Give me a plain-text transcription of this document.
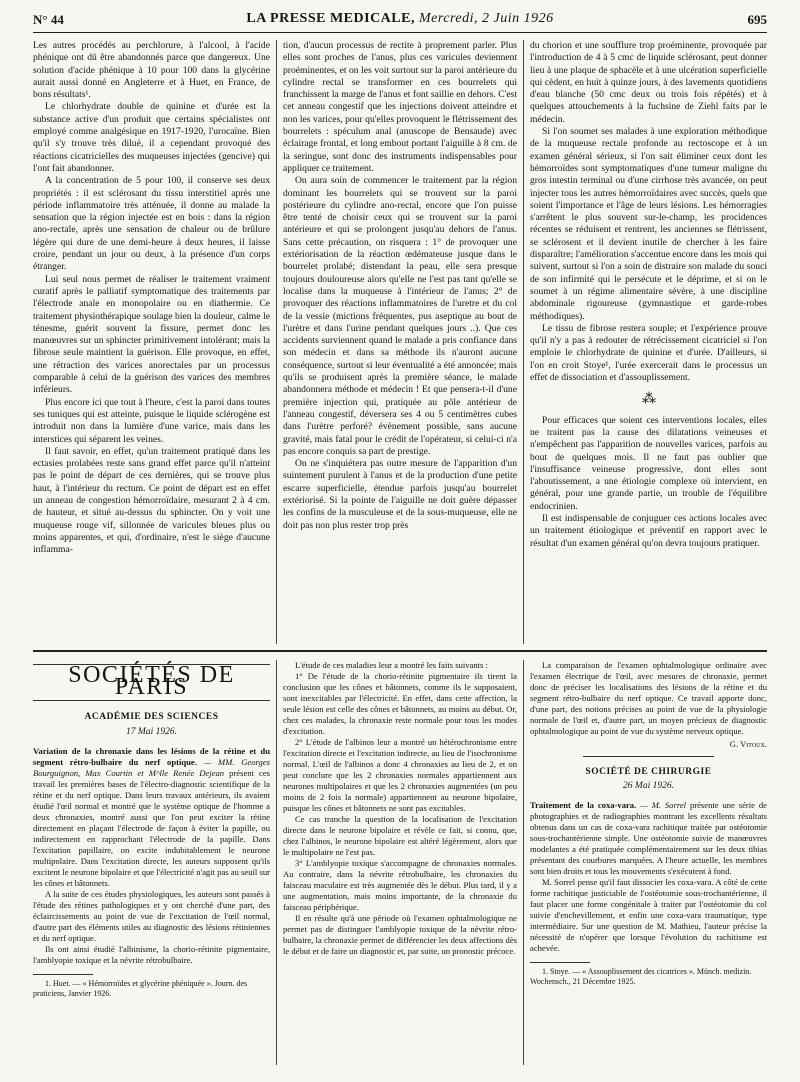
N° 44	LA PRESSE MEDICALE, Mercredi, 2 Juin 1926	695

Les autres procédés au perchlorure, à l'alcool, à l'acide phénique ont dû être abandonnés parce que dangereux. Une solution d'acide phénique à 10 pour 100 dans la glycérine aurait aussi donné en Angleterre et à Huet, en France, de bons résultats¹.

Le chlorhydrate double de quinine et d'urée est la substance active d'un produit que certains spécialistes ont employé comme analgésique en 1917-1920, l'urocaïne. Bien qu'il s'y trouve très dilué, il a cependant provoqué des réactions cicatricielles des muqueuses injectées (gencive) qui l'ont fait abandonner.

A la concentration de 5 pour 100, il conserve ses deux propriétés : il est sclérosant du tissu interstitiel après une période inflammatoire très atténuée, il donne au malade la sensation que la région injectée est en bois : dans la région ano-rectale, après une sensation de chaleur ou de brûlure légère qui dure de une demi-heure à deux heures, il laisse croire, pendant un jour ou deux, à la présence d'un corps étranger.

Lui seul nous permet de réaliser le traitement vraiment curatif après le palliatif symptomatique des traitements par l'électrode anale en monopolaire ou en diathermie. Ce traitement physiothérapique soulage bien la douleur, calme le ténesme, guérit souvent la fissure, permet donc les manœuvres sur un sphincter primitivement intolérant; mais la fibrose seule maintient la guérison. Elle provoque, en effet, une rétraction des varices anorectales par un processus comparable à celui de la guérison des varices des membres inférieurs.

Plus encore ici que tout à l'heure, c'est la paroi dans toutes ses tuniques qui est atteinte, puisque le liquide sclérogène est introduit non dans la lumière d'une varice, mais dans les interstices qui séparent les veines.

Il faut savoir, en effet, qu'un traitement pratiqué dans les ectasies prolabées reste sans grand effet parce qu'il n'atteint pas le point de départ de ces dernières, qui se trouve plus haut, à l'intérieur du rectum. Ce point de départ est en effet un anneau de congestion hémorroïdaire, mesurant 2 à 4 cm. de hauteur, et situé au-dessus du sphincter. On y voit une muqueuse rouge vif, sillonnée de varicules bleues plus ou moins apparentes, et qui, d'ordinaire, n'est le siège d'aucune inflamma-

tion, d'aucun processus de rectite à proprement parler. Plus elles sont proches de l'anus, plus ces varicules deviennent proéminentes, et on les voit surtout sur la paroi antérieure du cylindre rectal se transformer en ces bourrelets qui franchissent la marge de l'anus et font saillie en dehors. C'est cet anneau congestif que les injections doivent atteindre et non les varices, pour qu'elles provoquent le flétrissement des bourrelets : spéculum anal (anuscope de Bensaude) avec éclairage frontal, et long embout portant l'aiguille à 8 cm. de la seringue, sont donc des instruments indispensables pour appliquer ce traitement.

On aura soin de commencer le traitement par la région dominant les bourrelets qui se trouvent sur la paroi postérieure du cylindre ano-rectal, encore que l'on puisse être tenté de choisir ceux qui se trouvent sur la paroi antérieure et qui se prolongent jusqu'au dehors de l'anus. Sans cette précaution, on risquera : 1° de provoquer une extériorisation de la réaction œdémateuse jusque dans le bourrelet prolabé; distendant la peau, elle sera presque toujours douloureuse alors qu'elle ne l'est pas tant qu'elle se localise dans la muqueuse à l'intérieur de l'anus; 2° de provoquer des réactions inflammatoires de l'uretre et du col de la vessie (mictions fréquentes, pus aseptique au bout de l'urètre et dans l'urine pendant quelques jours ..). Que ces accidents surviennent quand le malade a pris confiance dans son médecin et dans sa méthode ils n'auront aucune conséquence, surtout si leur éventualité a été annoncée; mais qu'ils se produisent après la première séance, le malade abandonnera méthode et médecin ! Et que pensera-t-il d'une première injection qui, pratiquée au pôle antérieur de l'anneau congestif, déversera ses 4 ou 5 centimètres cubes dans l'urètre perforé? évènement possible, sans aucune gravité, mais fatal pour le crédit de l'opérateur, si celui-ci n'a pas encore conquis sa part de prestige.

On ne s'inquiétera pas outre mesure de l'apparition d'un suintement purulent à l'anus et de la production d'une petite escarre superficielle, étendue parfois jusqu'au bourrelet extériorisé. Si la pointe de l'aiguille ne doit guère dépasser les confins de la musculeuse et de la sous-muqueuse, elle ne doit pas non plus rester trop près

du chorion et une soufflure trop proéminente, provoquée par l'introduction de 4 à 5 cmc de liquide sclérosant, peut donner lieu à une plaque de sphacèle et à une ulcération superficielle qui cèdent, en huit à quinze jours, à des lavements quotidiens d'eau blanche (50 cmc deux ou trois fois répétés) et à quelques attouchements à la fuchsine de Ziehl faits par le médecin.

Si l'on soumet ses malades à une exploration méthodique de la muqueuse rectale profonde au rectoscope et à un examen général sérieux, si l'on sait éliminer ceux dont les hémorroïdes sont symptomatiques d'une tumeur maligne du gros intestin terminal ou d'une cirrhose très avancée, on peut injecter tous les autres hémorroïdaires avec succès, quels que soient l'importance et l'âge de leurs lésions. Les hémorragies s'arrêtent le plus souvent sur-le-champ, les procidences récentes se réduisent et rentrent, les anciennes se flétrissent, se sclérosent et il devient inutile de chercher à les faire disparaître; l'amélioration s'accentue encore dans les mois qui suivent, surtout si l'on a soin de distraire son malade du souci de son infirmité qui le persécute et le déprime, et si on le soumet à un régime alimentaire sévère, à une discipline abdominale rigoureuse (gymnastique et garde-robes méthodiques).

Le tissu de fibrose restera souple; et l'expérience prouve qu'il n'y a pas à redouter de rétrécissement cicatriciel si l'on emploie le chlorhydrate de quinine et d'urée. D'ailleurs, si l'on en croit Stoye¹, l'urée exercerait dans le processus un effet de dissociation et d'assouplissement.

⁂

Pour efficaces que soient ces interventions locales, elles ne traitent pas la cause des dilatations veineuses et n'empêchent pas l'apparition de nouvelles varices, parfois au bout de quelques mois. Il ne faut pas oublier que l'insuffisance veineuse progressive, dont elles sont l'aboutissement, a une étiologie complexe où intervient, en général, pour une grande partie, un trouble de l'équilibre endocrinien.

Il est indispensable de conjuguer ces actions locales avec un traitement étiologique et préventif en rapport avec le résultat d'un examen général qu'on devra toujours pratiquer.

SOCIÉTÉS DE PARIS
ACADÉMIE DES SCIENCES
17 Mai 1926.

Variation de la chronaxie dans les lésions de la rétine et du segment rétro-bulbaire du nerf optique. — MM. Georges Bourguignon, Max Courtin et M^lle Renée Dejean présent ces travail les premières bases de l'électro-diagnostic scientifique de la rétine et du nerf optique. Dans leurs travaux antérieurs, ils avaient étudié l'œil normal et montré que le système optique de l'homme a deux chronaxies, montré aussi que l'on peut exciter la rétine directement en plaçant l'électrode de façon à éviter la papille, ou indirectement en rapprochant l'électrode de la papille. Dans l'excitation papillaire, on excite indubitablement le neurone multipolaire. Dans l'excitation directe, les auteurs supposent qu'ils excitent le neurone bipolaire et que l'électricité n'agit pas au seuil sur les cônes et bâtonnets.

A la suite de ces études physiologiques, les auteurs sont passés à l'étude des rétines pathologiques et y ont cherché d'une part, des éclaircissements au point de vue de l'excitation de l'œil normal, d'autre part des éléments utiles au diagnostic des lésions rétiniennes et du nerf optique.

Ils ont ainsi étudié l'albinisme, la chorio-rétinite pigmentaire, l'amblyopie toxique et la névrite rétrobulbaire.

1. Huet. — « Hémorroïdes et glycérine phéniquée ». Journ. des praticiens, Janvier 1926.

L'étude de ces maladies leur a montré les faits suivants :

1° De l'étude de la chorio-rétinite pigmentaire ils tirent la conclusion que les cônes et bâtonnets, comme ils le supposaient, sont inexcitables par l'électricité. En effet, dans cette affection, la seule lésion est celle des cônes et bâtonnets, au moins au début. Or, chez ces malades, la chronaxie reste normale pour tous les modes d'excitation.

2° L'étude de l'albinos leur a montré un hétérochronisme entre l'excitation directe et l'excitation indirecte, au lieu de l'isochronisme normal. L'œil de l'albinos a donc 4 chronaxies au lieu de 2, et on peut conclure que les 2 chronaxies normales appartiennent aux neurones multipolaires et que les 2 chronaxies augmentées (un peu moins de 2 fois la normale) appartiennent au neurone bipolaire, puisque les cônes et bâtonnets ne sont pas excitables.

Ce cas tranche la question de la localisation de l'excitation directe dans le neurone bipolaire et révèle ce fait, si connu, que, chez l'albinos, le neurone bipolaire est altéré légèrement, alors que le multipolaire ne l'est pas.

3° L'amblyopie toxique s'accompagne de chronaxies normales. Au contraire, dans la névrite rétrobulbaire, les chronaxies du faisceau maculaire est très augmentée dès le début. Plus tard, il y a une augmentation, mais moins importante, de la chronaxie du faisceau périphérique.

Il en résulte qu'à une période où l'examen ophtalmologique ne permet pas de distinguer l'amblyopie toxique de la névrite rétro-bulbaire, la chronaxie permet de différencier les deux affections dès le début et de faire un diagnostic et, par suite, un pronostic précoce.

La comparaison de l'examen ophtalmologique ordinaire avec l'examen électrique de l'œil, avec mesures de chronaxie, permet donc de préciser les localisations des lésions de la rétine et du segment rétro-bulbaire du nerf optique. Ce travail apporte donc, d'une part, des notions précises au point de vue de la physiologie normale de l'œil et, d'autre part, un moyen précieux de diagnostic ophtalmologique au point de vue du système nerveux optique.

G. Vitoux.
SOCIÉTÉ DE CHIRURGIE
26 Mai 1926.

Traitement de la coxa-vara. — M. Sorrel présente une série de photographies et de radiographies montrant les excellents résultats obtenus dans un cas de coxa-vara rachitique traitée par ostéotomie sous-trochantérienne simple. Une ostéotomie suivie de manœuvres modelantes a été pratiquée complémentairement sur les deux tibias présentant des courbures marquées. A l'heure actuelle, les membres sont bien droits et tous les mouvements s'exécutent à fond.

M. Sorrel pense qu'il faut dissocier les coxa-vara. A côté de cette forme rachitique justiciable de l'ostéotomie sous-trochantérienne, il faut placer une forme congénitale à traiter par l'ostéotomie du col suivie d'enchevillement, et enfin une coxa-vara traumatique, type intermédiaire. Sur une question de M. Mathieu, l'auteur précise la nécessité de n'opérer que lorsque l'évolution du rachitisme est achevée.

1. Stoye. — « Assouplissement des cicatrices ». Münch. medizin. Wochensch., 21 Décembre 1925.
